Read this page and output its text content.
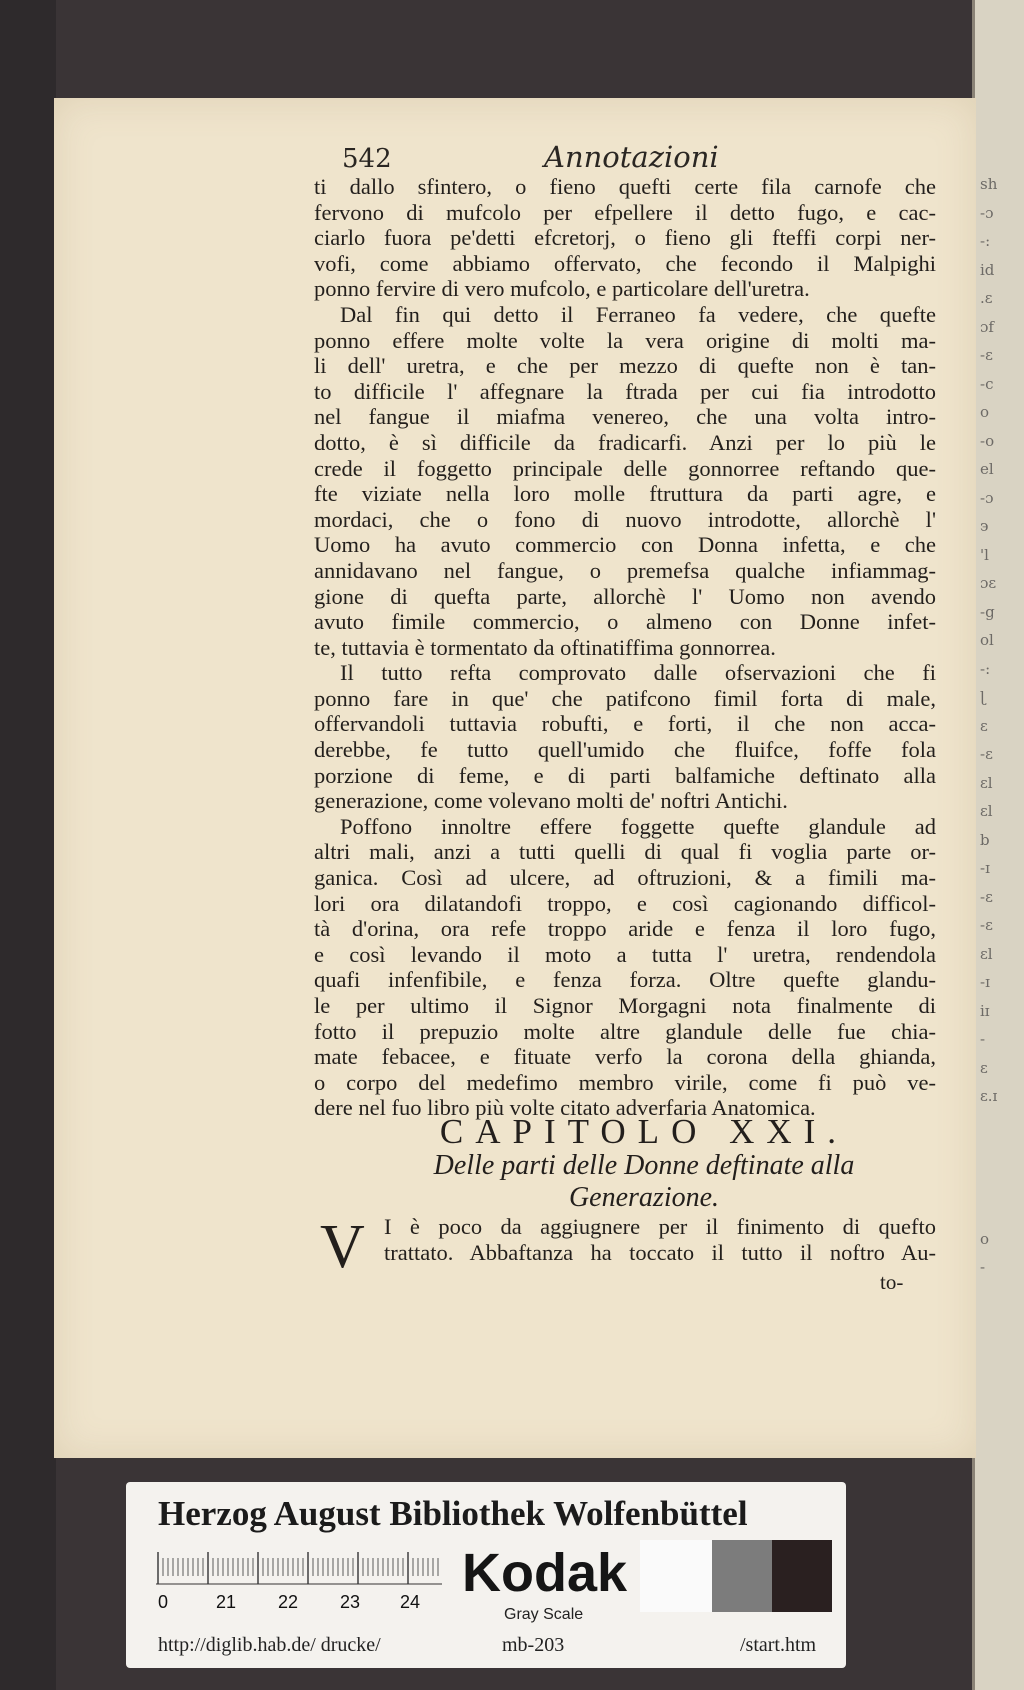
sh
-ɔ
-:
id
.ɛ
ɔf
-ɛ
-c
o
-o
el
-ɔ
э
'l
ɔɛ
-g
ol
-:
ɭ
ɛ
-ɛ
ɛl
ɛl
b
-ɪ
-ɛ
-ɛ
ɛl
-ɪ
iɪ
-
ɛ
ɛ.ɪ
o
-
542	Annotazioni
ti dallo sfintero, o fieno quefti certe fila carnofe che
fervono di mufcolo per efpellere il detto fugo, e cac-
ciarlo fuora pe'detti efcretorj, o fieno gli fteffi corpi ner-
vofi, come abbiamo offervato, che fecondo il Malpighi
ponno fervire di vero mufcolo, e particolare dell'uretra.
Dal fin qui detto il Ferraneo fa vedere, che quefte
ponno effere molte volte la vera origine di molti ma-
li dell' uretra, e che per mezzo di quefte non è tan-
to difficile l' affegnare la ftrada per cui fia introdotto
nel fangue il miafma venereo, che una volta intro-
dotto, è sì difficile da fradicarfi. Anzi per lo più le
crede il foggetto principale delle gonnorree reftando que-
fte viziate nella loro molle ftruttura da parti agre, e
mordaci, che o fono di nuovo introdotte, allorchè l'
Uomo ha avuto commercio con Donna infetta, e che
annidavano nel fangue, o premefsa qualche infiammag-
gione di quefta parte, allorchè l' Uomo non avendo
avuto fimile commercio, o almeno con Donne infet-
te, tuttavia è tormentato da oftinatiffima gonnorrea.
Il tutto refta comprovato dalle ofservazioni che fi
ponno fare in que' che patifcono fimil forta di male,
offervandoli tuttavia robufti, e forti, il che non acca-
derebbe, fe tutto quell'umido che fluifce, foffe fola
porzione di feme, e di parti balfamiche deftinato alla
generazione, come volevano molti de' noftri Antichi.
Poffono innoltre effere foggette quefte glandule ad
altri mali, anzi a tutti quelli di qual fi voglia parte or-
ganica. Così ad ulcere, ad oftruzioni, & a fimili ma-
lori ora dilatandofi troppo, e così cagionando difficol-
tà d'orina, ora refe troppo aride e fenza il loro fugo,
e così levando il moto a tutta l' uretra, rendendola
quafi infenfibile, e fenza forza. Oltre quefte glandu-
le per ultimo il Signor Morgagni nota finalmente di
fotto il prepuzio molte altre glandule delle fue chia-
mate febacee, e fituate verfo la corona della ghianda,
o corpo del medefimo membro virile, come fi può ve-
dere nel fuo libro più volte citato adverfaria Anatomica.
CAPITOLO XXI.
Delle parti delle Donne deftinate alla
Generazione.
V I è poco da aggiugnere per il finimento di quefto
trattato. Abbaftanza ha toccato il tutto il noftro Au-
to-
Herzog August Bibliothek Wolfenbüttel
0	21 22 23 24 Kodak
Gray Scale
http://diglib.hab.de/ drucke/	mb-203	/start.htm
